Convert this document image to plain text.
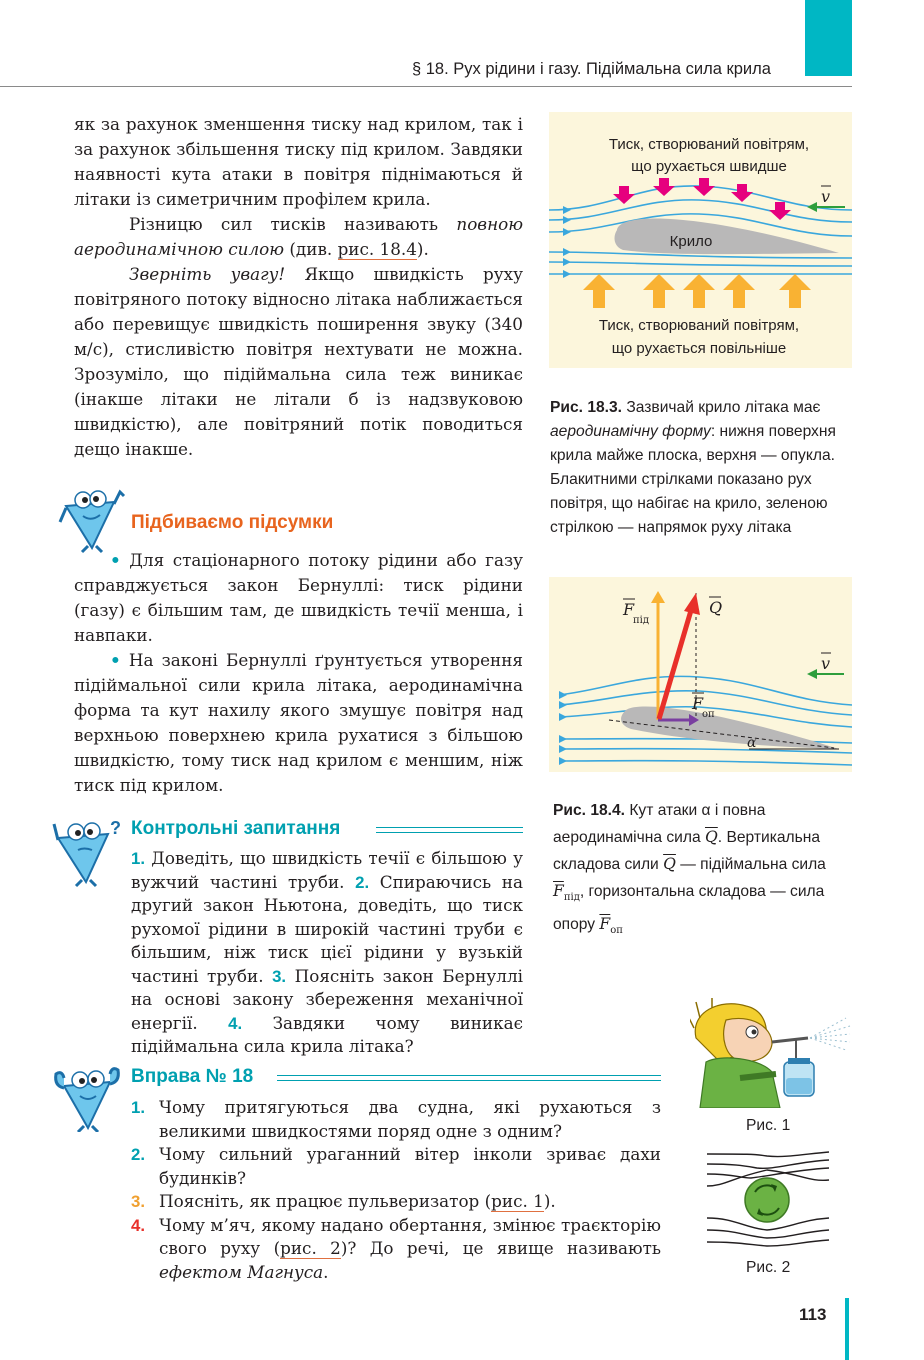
§ 18. Рух рідини і газу. Підіймальна сила крила

як за рахунок зменшення тиску над крилом, так і за рахунок збільшення тиску під крилом. Завдяки наявності кута атаки в повітря піднімаються й літаки із симетричним профілем крила.

Різницю сил тисків називають повною аеродинамічною силою (див. рис. 18.4).

Зверніть увагу! Якщо швидкість руху повітряного потоку відносно літака наближається або перевищує швидкість поширення звуку (340 м/с), стисливістю повітря нехтувати не можна. Зрозуміло, що підіймальна сила теж виникає (інакше літаки не літали б із надзвуковою швидкістю), але повітряний потік поводиться дещо інакше.

Підбиваємо підсумки

• Для стаціонарного потоку рідини або газу справджується закон Бернуллі: тиск рідини (газу) є більшим там, де швидкість течії менша, і навпаки.

• На законі Бернуллі ґрунтується утворення підіймальної сили крила літака, аеродинамічна форма та кут нахилу якого змушує повітря над верхньою поверхнею крила рухатися з більшою швидкістю, тому тиск над крилом є меншим, ніж тиск під крилом.

? Контрольні запитання

1. Доведіть, що швидкість течії є більшою у вужчий частині труби. 2. Спираючись на другий закон Ньютона, доведіть, що тиск рухомої рідини в широкій частині труби є більшим, ніж тиск цієї рідини у вузькій частині труби. 3. Поясніть закон Бернуллі на основі закону збереження механічної енергії. 4. Завдяки чому виникає підіймальна сила крила літака?

Вправа № 18

1. Чому притягуються два судна, які рухаються з великими швидкостями поряд одне з одним?

2. Чому сильний ураганний вітер інколи зриває дахи будинків?

3. Поясніть, як працює пульверизатор (рис. 1).

4. Чому м’яч, якому надано обертання, змінює траєкторію свого руху (рис. 2)? До речі, це явище називають ефектом Магнуса.

v
Тиск, створюваний повітрям,
що рухається швидше
Крило
Тиск, створюваний повітрям,
що рухається повільніше
Рис. 18.3. Зазвичай крило літака має аеродинамічну форму: нижня поверхня крила майже плоска, верхня — опукла. Блакитними стрілками показано рух повітря, що набігає на крило, зеленою стрілкою — напрямок руху літака
α
F
під
Q
v
F
оп
Рис. 18.4. Кут атаки α і повна аеродинамічна сила $\overline{Q}$. Вертикальна складова сили $\overline{Q}$ — підіймальна сила $\overline{F}_{під}$, горизонтальна складова — сила опору $\overline{F}_{оп}$
Рис. 1
Рис. 2
113
